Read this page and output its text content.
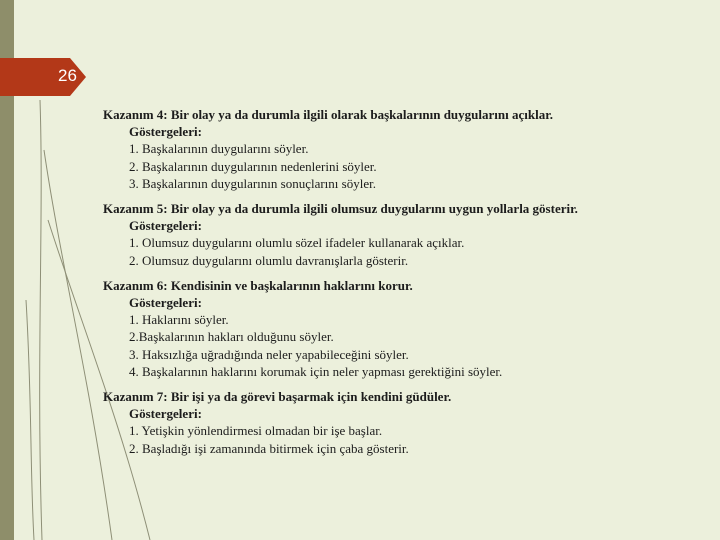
26
Kazanım 4: Bir olay ya da durumla ilgili olarak başkalarının duygularını açıklar.
Göstergeleri:
1. Başkalarının duygularını söyler.
2. Başkalarının duygularının nedenlerini söyler.
3. Başkalarının duygularının sonuçlarını söyler.
Kazanım 5: Bir olay ya da durumla ilgili olumsuz duygularını uygun yollarla gösterir.
Göstergeleri:
1. Olumsuz duygularını olumlu sözel ifadeler kullanarak açıklar.
2. Olumsuz duygularını olumlu davranışlarla gösterir.
Kazanım 6: Kendisinin ve başkalarının haklarını korur.
Göstergeleri:
1. Haklarını söyler.
2.Başkalarının hakları olduğunu söyler.
3. Haksızlığa uğradığında neler yapabileceğini söyler.
4. Başkalarının haklarını korumak için neler yapması gerektiğini söyler.
Kazanım 7: Bir işi ya da görevi başarmak için kendini güdüler.
Göstergeleri:
1. Yetişkin yönlendirmesi olmadan bir işe başlar.
2. Başladığı işi zamanında bitirmek için çaba gösterir.
